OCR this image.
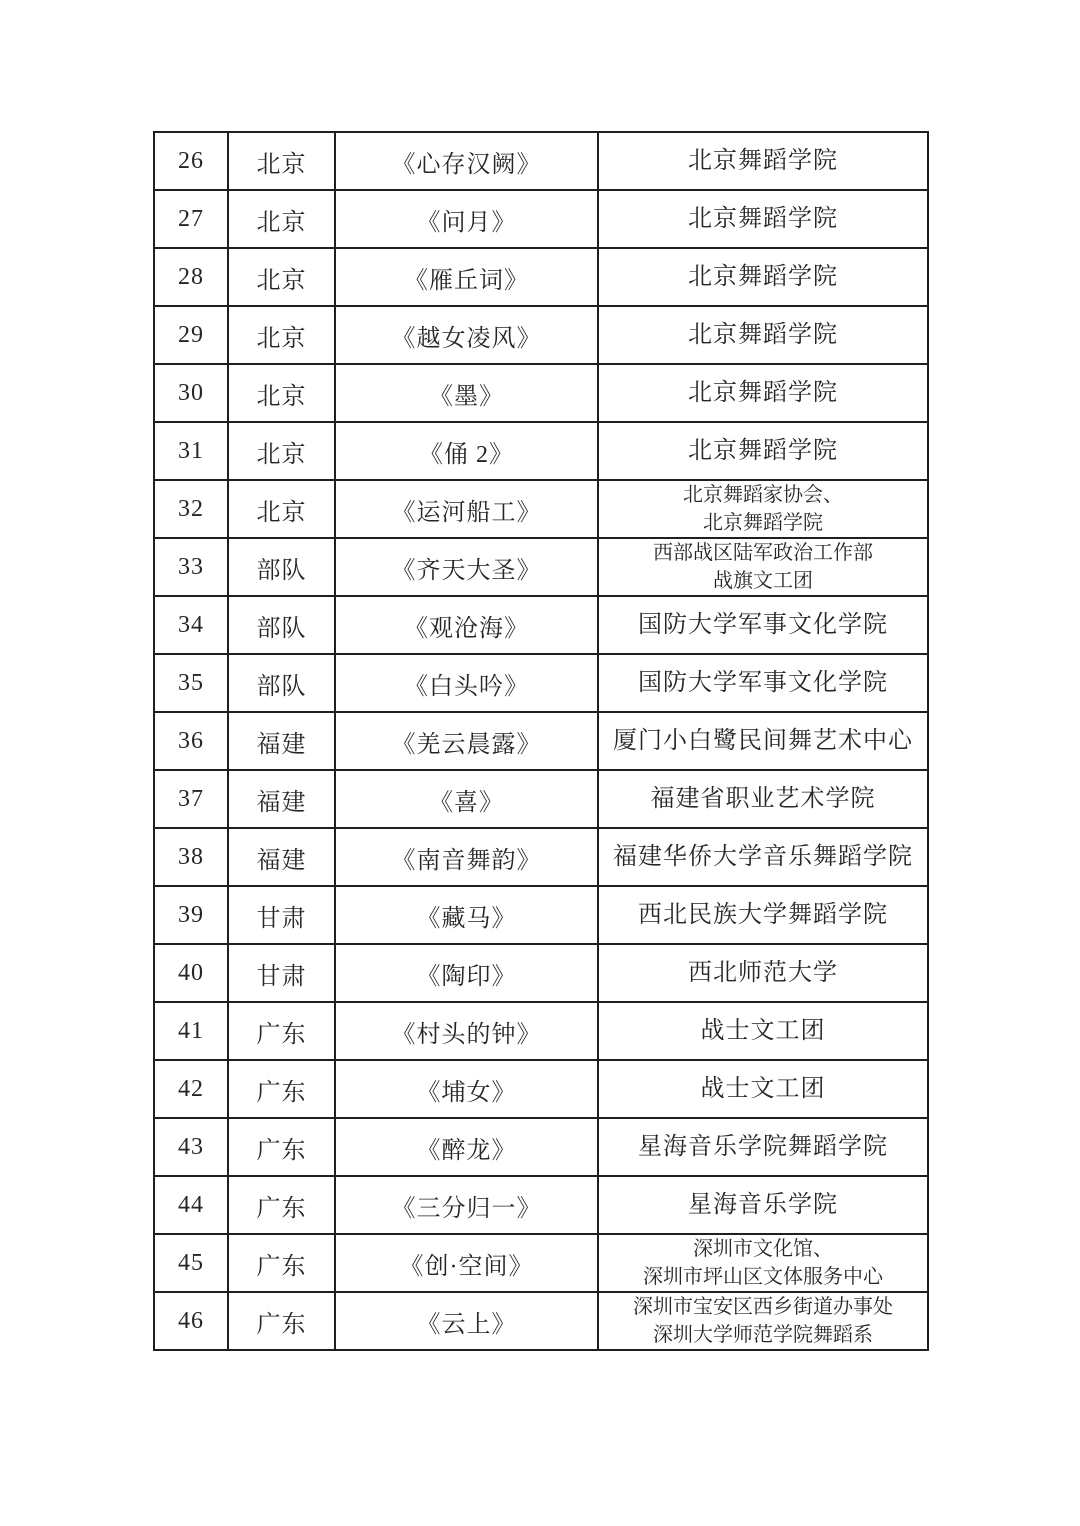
26	北京	《心存汉阙》	北京舞蹈学院

27	北京	《问月》	北京舞蹈学院

28	北京	《雁丘词》	北京舞蹈学院

29	北京	《越女凌风》	北京舞蹈学院

30	北京	《墨》	北京舞蹈学院

31	北京	《俑 2》	北京舞蹈学院

32	北京	《运河船工》	北京舞蹈家协会、
北京舞蹈学院

33	部队	《齐天大圣》	西部战区陆军政治工作部
战旗文工团

34	部队	《观沧海》	国防大学军事文化学院

35	部队	《白头吟》	国防大学军事文化学院

36	福建	《羌云晨露》	厦门小白鹭民间舞艺术中心

37	福建	《喜》	福建省职业艺术学院

38	福建	《南音舞韵》	福建华侨大学音乐舞蹈学院

39	甘肃	《藏马》	西北民族大学舞蹈学院

40	甘肃	《陶印》	西北师范大学

41	广东	《村头的钟》	战士文工团

42	广东	《埔女》	战士文工团

43	广东	《醉龙》	星海音乐学院舞蹈学院

44	广东	《三分归一》	星海音乐学院

45	广东	《创·空间》	深圳市文化馆、
深圳市坪山区文体服务中心

46	广东	《云上》	深圳市宝安区西乡街道办事处
深圳大学师范学院舞蹈系
